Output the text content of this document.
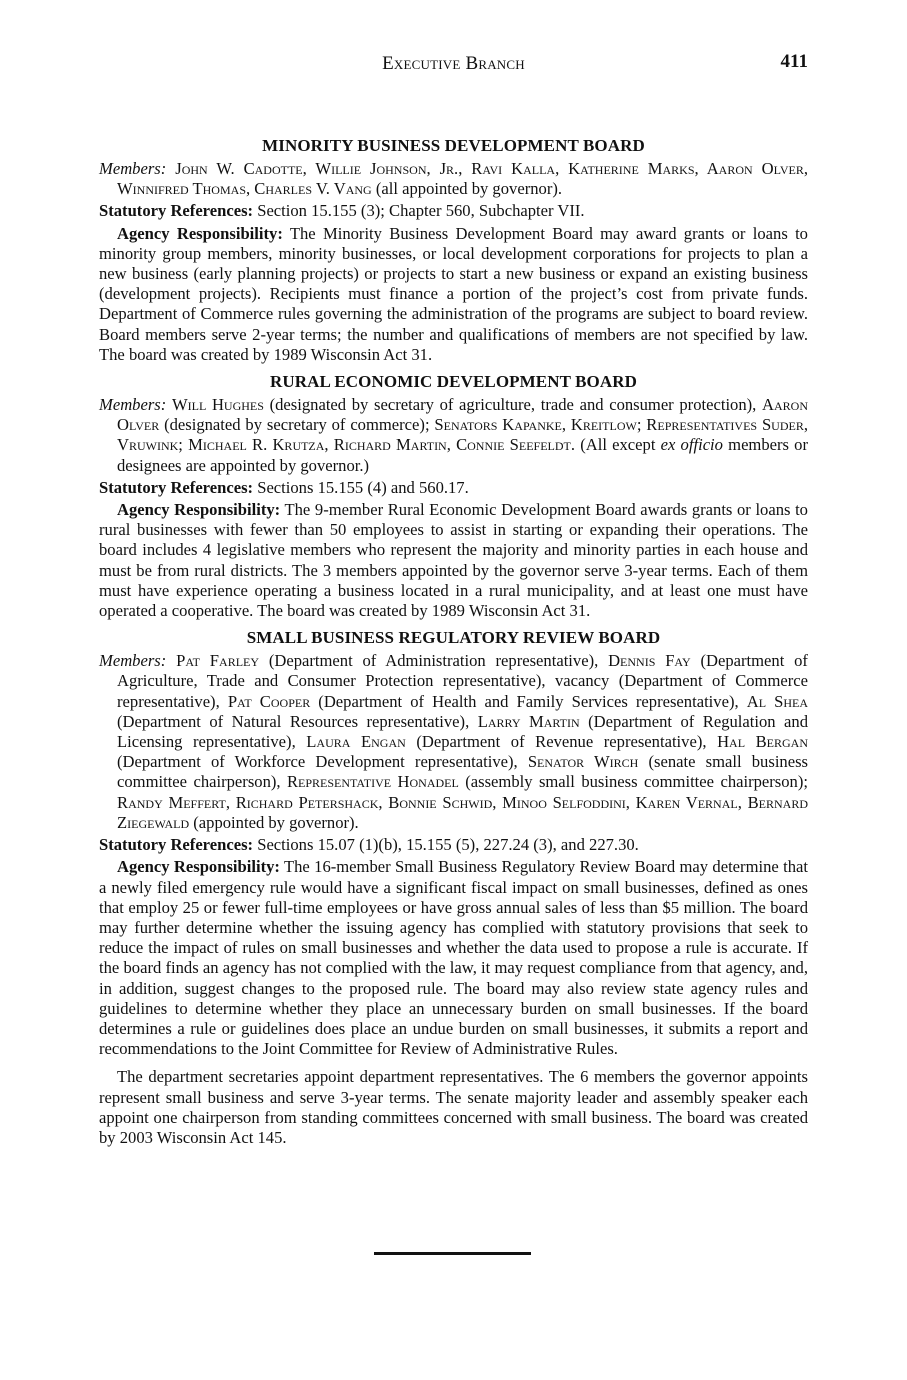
Executive Branch	411
MINORITY BUSINESS DEVELOPMENT BOARD

Members: John W. Cadotte, Willie Johnson, Jr., Ravi Kalla, Katherine Marks, Aaron Olver, Winnifred Thomas, Charles V. Vang (all appointed by governor).

Statutory References: Section 15.155 (3); Chapter 560, Subchapter VII.

Agency Responsibility: The Minority Business Development Board may award grants or loans to minority group members, minority businesses, or local development corporations for projects to plan a new business (early planning projects) or projects to start a new business or expand an existing business (development projects). Recipients must finance a portion of the project’s cost from private funds. Department of Commerce rules governing the administration of the programs are subject to board review. Board members serve 2-year terms; the number and qualifications of members are not specified by law. The board was created by 1989 Wisconsin Act 31.

RURAL ECONOMIC DEVELOPMENT BOARD

Members: Will Hughes (designated by secretary of agriculture, trade and consumer protection), Aaron Olver (designated by secretary of commerce); Senators Kapanke, Kreitlow; Representatives Suder, Vruwink; Michael R. Krutza, Richard Martin, Connie Seefeldt. (All except ex officio members or designees are appointed by governor.)

Statutory References: Sections 15.155 (4) and 560.17.

Agency Responsibility: The 9-member Rural Economic Development Board awards grants or loans to rural businesses with fewer than 50 employees to assist in starting or expanding their operations. The board includes 4 legislative members who represent the majority and minority parties in each house and must be from rural districts. The 3 members appointed by the governor serve 3-year terms. Each of them must have experience operating a business located in a rural municipality, and at least one must have operated a cooperative. The board was created by 1989 Wisconsin Act 31.

SMALL BUSINESS REGULATORY REVIEW BOARD

Members: Pat Farley (Department of Administration representative), Dennis Fay (Department of Agriculture, Trade and Consumer Protection representative), vacancy (Department of Commerce representative), Pat Cooper (Department of Health and Family Services representative), Al Shea (Department of Natural Resources representative), Larry Martin (Department of Regulation and Licensing representative), Laura Engan (Department of Revenue representative), Hal Bergan (Department of Workforce Development representative), Senator Wirch (senate small business committee chairperson), Representative Honadel (assembly small business committee chairperson); Randy Meffert, Richard Petershack, Bonnie Schwid, Minoo Selfoddini, Karen Vernal, Bernard Ziegewald (appointed by governor).

Statutory References: Sections 15.07 (1)(b), 15.155 (5), 227.24 (3), and 227.30.

Agency Responsibility: The 16-member Small Business Regulatory Review Board may determine that a newly filed emergency rule would have a significant fiscal impact on small businesses, defined as ones that employ 25 or fewer full-time employees or have gross annual sales of less than $5 million. The board may further determine whether the issuing agency has complied with statutory provisions that seek to reduce the impact of rules on small businesses and whether the data used to propose a rule is accurate. If the board finds an agency has not complied with the law, it may request compliance from that agency, and, in addition, suggest changes to the proposed rule. The board may also review state agency rules and guidelines to determine whether they place an unnecessary burden on small businesses. If the board determines a rule or guidelines does place an undue burden on small businesses, it submits a report and recommendations to the Joint Committee for Review of Administrative Rules.

The department secretaries appoint department representatives. The 6 members the governor appoints represent small business and serve 3-year terms. The senate majority leader and assembly speaker each appoint one chairperson from standing committees concerned with small business. The board was created by 2003 Wisconsin Act 145.
